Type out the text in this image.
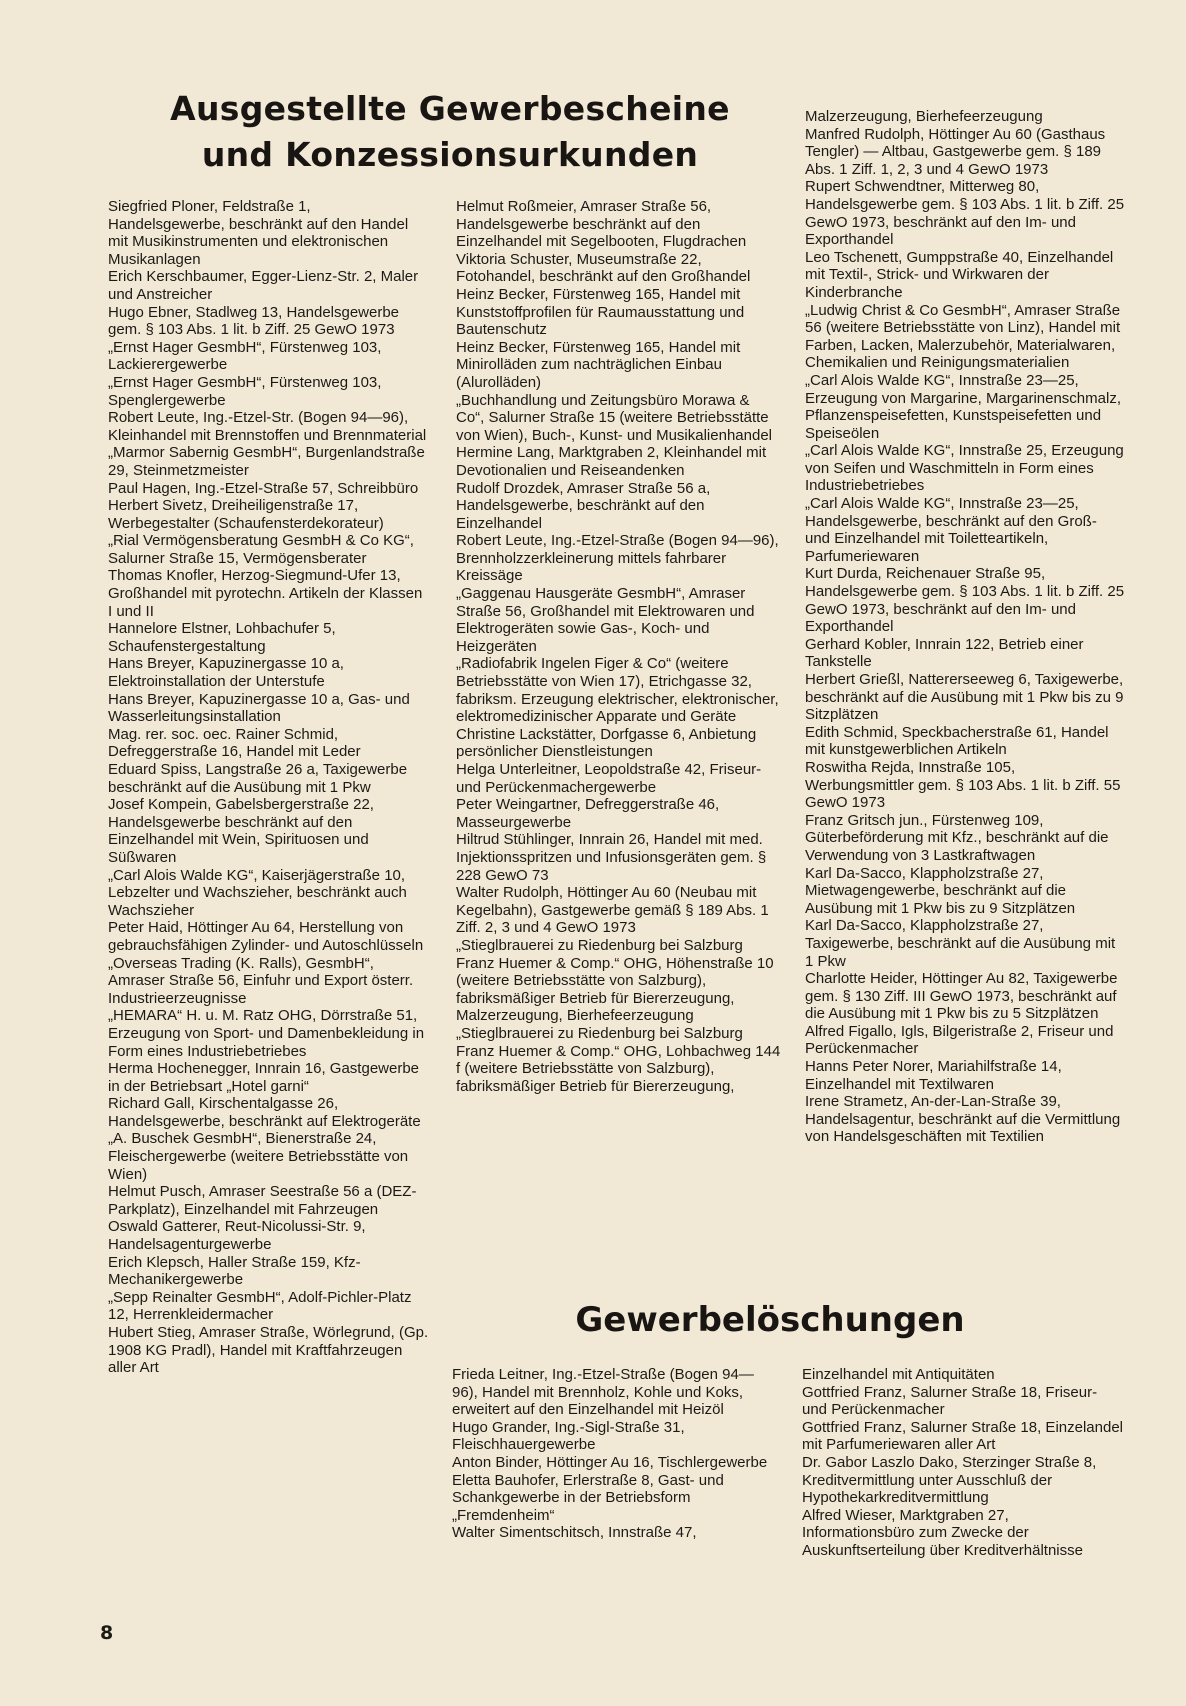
Ausgestellte Gewerbescheine und Konzessionsurkunden

Siegfried Ploner, Feldstraße 1, Handelsgewerbe, beschränkt auf den Handel mit Musikinstrumenten und elektronischen Musikanlagen

Erich Kerschbaumer, Egger-Lienz-Str. 2, Maler und Anstreicher

Hugo Ebner, Stadlweg 13, Handelsgewerbe gem. § 103 Abs. 1 lit. b Ziff. 25 GewO 1973

„Ernst Hager GesmbH“, Fürstenweg 103, Lackierergewerbe

„Ernst Hager GesmbH“, Fürstenweg 103, Spenglergewerbe

Robert Leute, Ing.-Etzel-Str. (Bogen 94—96), Kleinhandel mit Brennstoffen und Brennmaterial

„Marmor Sabernig GesmbH“, Burgenlandstraße 29, Steinmetzmeister

Paul Hagen, Ing.-Etzel-Straße 57, Schreibbüro

Herbert Sivetz, Dreiheiligenstraße 17, Werbegestalter (Schaufensterdekorateur)

„Rial Vermögensberatung GesmbH & Co KG“, Salurner Straße 15, Vermögensberater

Thomas Knofler, Herzog-Siegmund-Ufer 13, Großhandel mit pyrotechn. Artikeln der Klassen I und II

Hannelore Elstner, Lohbachufer 5, Schaufenstergestaltung

Hans Breyer, Kapuzinergasse 10 a, Elektroinstallation der Unterstufe

Hans Breyer, Kapuzinergasse 10 a, Gas- und Wasserleitungsinstallation

Mag. rer. soc. oec. Rainer Schmid, Defreggerstraße 16, Handel mit Leder

Eduard Spiss, Langstraße 26 a, Taxigewerbe beschränkt auf die Ausübung mit 1 Pkw

Josef Kompein, Gabelsbergerstraße 22, Handelsgewerbe beschränkt auf den Einzelhandel mit Wein, Spirituosen und Süßwaren

„Carl Alois Walde KG“, Kaiserjägerstraße 10, Lebzelter und Wachszieher, beschränkt auch Wachszieher

Peter Haid, Höttinger Au 64, Herstellung von gebrauchsfähigen Zylinder- und Autoschlüsseln

„Overseas Trading (K. Ralls), GesmbH“, Amraser Straße 56, Einfuhr und Export österr. Industrieerzeugnisse

„HEMARA“ H. u. M. Ratz OHG, Dörrstraße 51, Erzeugung von Sport- und Damenbekleidung in Form eines Industriebetriebes

Herma Hochenegger, Innrain 16, Gastgewerbe in der Betriebsart „Hotel garni“

Richard Gall, Kirschentalgasse 26, Handelsgewerbe, beschränkt auf Elektrogeräte

„A. Buschek GesmbH“, Bienerstraße 24, Fleischergewerbe (weitere Betriebsstätte von Wien)

Helmut Pusch, Amraser Seestraße 56 a (DEZ-Parkplatz), Einzelhandel mit Fahrzeugen

Oswald Gatterer, Reut-Nicolussi-Str. 9, Handelsagenturgewerbe

Erich Klepsch, Haller Straße 159, Kfz-Mechanikergewerbe

„Sepp Reinalter GesmbH“, Adolf-Pichler-Platz 12, Herrenkleidermacher

Hubert Stieg, Amraser Straße, Wörlegrund, (Gp. 1908 KG Pradl), Handel mit Kraftfahrzeugen aller Art

Helmut Roßmeier, Amraser Straße 56, Handelsgewerbe beschränkt auf den Einzelhandel mit Segelbooten, Flugdrachen

Viktoria Schuster, Museumstraße 22, Fotohandel, beschränkt auf den Großhandel

Heinz Becker, Fürstenweg 165, Handel mit Kunststoffprofilen für Raumausstattung und Bautenschutz

Heinz Becker, Fürstenweg 165, Handel mit Minirolläden zum nachträglichen Einbau (Alurolläden)

„Buchhandlung und Zeitungsbüro Morawa & Co“, Salurner Straße 15 (weitere Betriebsstätte von Wien), Buch-, Kunst- und Musikalienhandel

Hermine Lang, Marktgraben 2, Kleinhandel mit Devotionalien und Reiseandenken

Rudolf Drozdek, Amraser Straße 56 a, Handelsgewerbe, beschränkt auf den Einzelhandel

Robert Leute, Ing.-Etzel-Straße (Bogen 94—96), Brennholzzerkleinerung mittels fahrbarer Kreissäge

„Gaggenau Hausgeräte GesmbH“, Amraser Straße 56, Großhandel mit Elektrowaren und Elektrogeräten sowie Gas-, Koch- und Heizgeräten

„Radiofabrik Ingelen Figer & Co“ (weitere Betriebsstätte von Wien 17), Etrichgasse 32, fabriksm. Erzeugung elektrischer, elektronischer, elektromedizinischer Apparate und Geräte

Christine Lackstätter, Dorfgasse 6, Anbietung persönlicher Dienstleistungen

Helga Unterleitner, Leopoldstraße 42, Friseur- und Perückenmachergewerbe

Peter Weingartner, Defreggerstraße 46, Masseurgewerbe

Hiltrud Stühlinger, Innrain 26, Handel mit med. Injektionsspritzen und Infusionsgeräten gem. § 228 GewO 73

Walter Rudolph, Höttinger Au 60 (Neubau mit Kegelbahn), Gastgewerbe gemäß § 189 Abs. 1 Ziff. 2, 3 und 4 GewO 1973

„Stieglbrauerei zu Riedenburg bei Salzburg Franz Huemer & Comp.“ OHG, Höhenstraße 10 (weitere Betriebsstätte von Salzburg), fabriksmäßiger Betrieb für Biererzeugung, Malzerzeugung, Bierhefeerzeugung

„Stieglbrauerei zu Riedenburg bei Salzburg Franz Huemer & Comp.“ OHG, Lohbachweg 144 f (weitere Betriebsstätte von Salzburg), fabriksmäßiger Betrieb für Biererzeugung,

Malzerzeugung, Bierhefeerzeugung

Manfred Rudolph, Höttinger Au 60 (Gasthaus Tengler) — Altbau, Gastgewerbe gem. § 189 Abs. 1 Ziff. 1, 2, 3 und 4 GewO 1973

Rupert Schwendtner, Mitterweg 80, Handelsgewerbe gem. § 103 Abs. 1 lit. b Ziff. 25 GewO 1973, beschränkt auf den Im- und Exporthandel

Leo Tschenett, Gumppstraße 40, Einzelhandel mit Textil-, Strick- und Wirkwaren der Kinderbranche

„Ludwig Christ & Co GesmbH“, Amraser Straße 56 (weitere Betriebsstätte von Linz), Handel mit Farben, Lacken, Malerzubehör, Materialwaren, Chemikalien und Reinigungsmaterialien

„Carl Alois Walde KG“, Innstraße 23—25, Erzeugung von Margarine, Margarinenschmalz, Pflanzenspeisefetten, Kunstspeisefetten und Speiseölen

„Carl Alois Walde KG“, Innstraße 25, Erzeugung von Seifen und Waschmitteln in Form eines Industriebetriebes

„Carl Alois Walde KG“, Innstraße 23—25, Handelsgewerbe, beschränkt auf den Groß- und Einzelhandel mit Toiletteartikeln, Parfumeriewaren

Kurt Durda, Reichenauer Straße 95, Handelsgewerbe gem. § 103 Abs. 1 lit. b Ziff. 25 GewO 1973, beschränkt auf den Im- und Exporthandel

Gerhard Kobler, Innrain 122, Betrieb einer Tankstelle

Herbert Grießl, Nattererseeweg 6, Taxigewerbe, beschränkt auf die Ausübung mit 1 Pkw bis zu 9 Sitzplätzen

Edith Schmid, Speckbacherstraße 61, Handel mit kunstgewerblichen Artikeln

Roswitha Rejda, Innstraße 105, Werbungsmittler gem. § 103 Abs. 1 lit. b Ziff. 55 GewO 1973

Franz Gritsch jun., Fürstenweg 109, Güterbeförderung mit Kfz., beschränkt auf die Verwendung von 3 Lastkraftwagen

Karl Da-Sacco, Klappholzstraße 27, Mietwagengewerbe, beschränkt auf die Ausübung mit 1 Pkw bis zu 9 Sitzplätzen

Karl Da-Sacco, Klappholzstraße 27, Taxigewerbe, beschränkt auf die Ausübung mit 1 Pkw

Charlotte Heider, Höttinger Au 82, Taxigewerbe gem. § 130 Ziff. III GewO 1973, beschränkt auf die Ausübung mit 1 Pkw bis zu 5 Sitzplätzen

Alfred Figallo, Igls, Bilgeristraße 2, Friseur und Perückenmacher

Hanns Peter Norer, Mariahilfstraße 14, Einzelhandel mit Textilwaren

Irene Strametz, An-der-Lan-Straße 39, Handelsagentur, beschränkt auf die Vermittlung von Handelsgeschäften mit Textilien

Gewerbelöschungen

Frieda Leitner, Ing.-Etzel-Straße (Bogen 94—96), Handel mit Brennholz, Kohle und Koks, erweitert auf den Einzelhandel mit Heizöl

Hugo Grander, Ing.-Sigl-Straße 31, Fleischhauergewerbe

Anton Binder, Höttinger Au 16, Tischlergewerbe

Eletta Bauhofer, Erlerstraße 8, Gast- und Schankgewerbe in der Betriebsform „Fremdenheim“

Walter Simentschitsch, Innstraße 47,

Einzelhandel mit Antiquitäten

Gottfried Franz, Salurner Straße 18, Friseur- und Perückenmacher

Gottfried Franz, Salurner Straße 18, Einzelandel mit Parfumeriewaren aller Art

Dr. Gabor Laszlo Dako, Sterzinger Straße 8, Kreditvermittlung unter Ausschluß der Hypothekarkreditvermittlung

Alfred Wieser, Marktgraben 27, Informationsbüro zum Zwecke der Auskunftserteilung über Kreditverhältnisse

8
